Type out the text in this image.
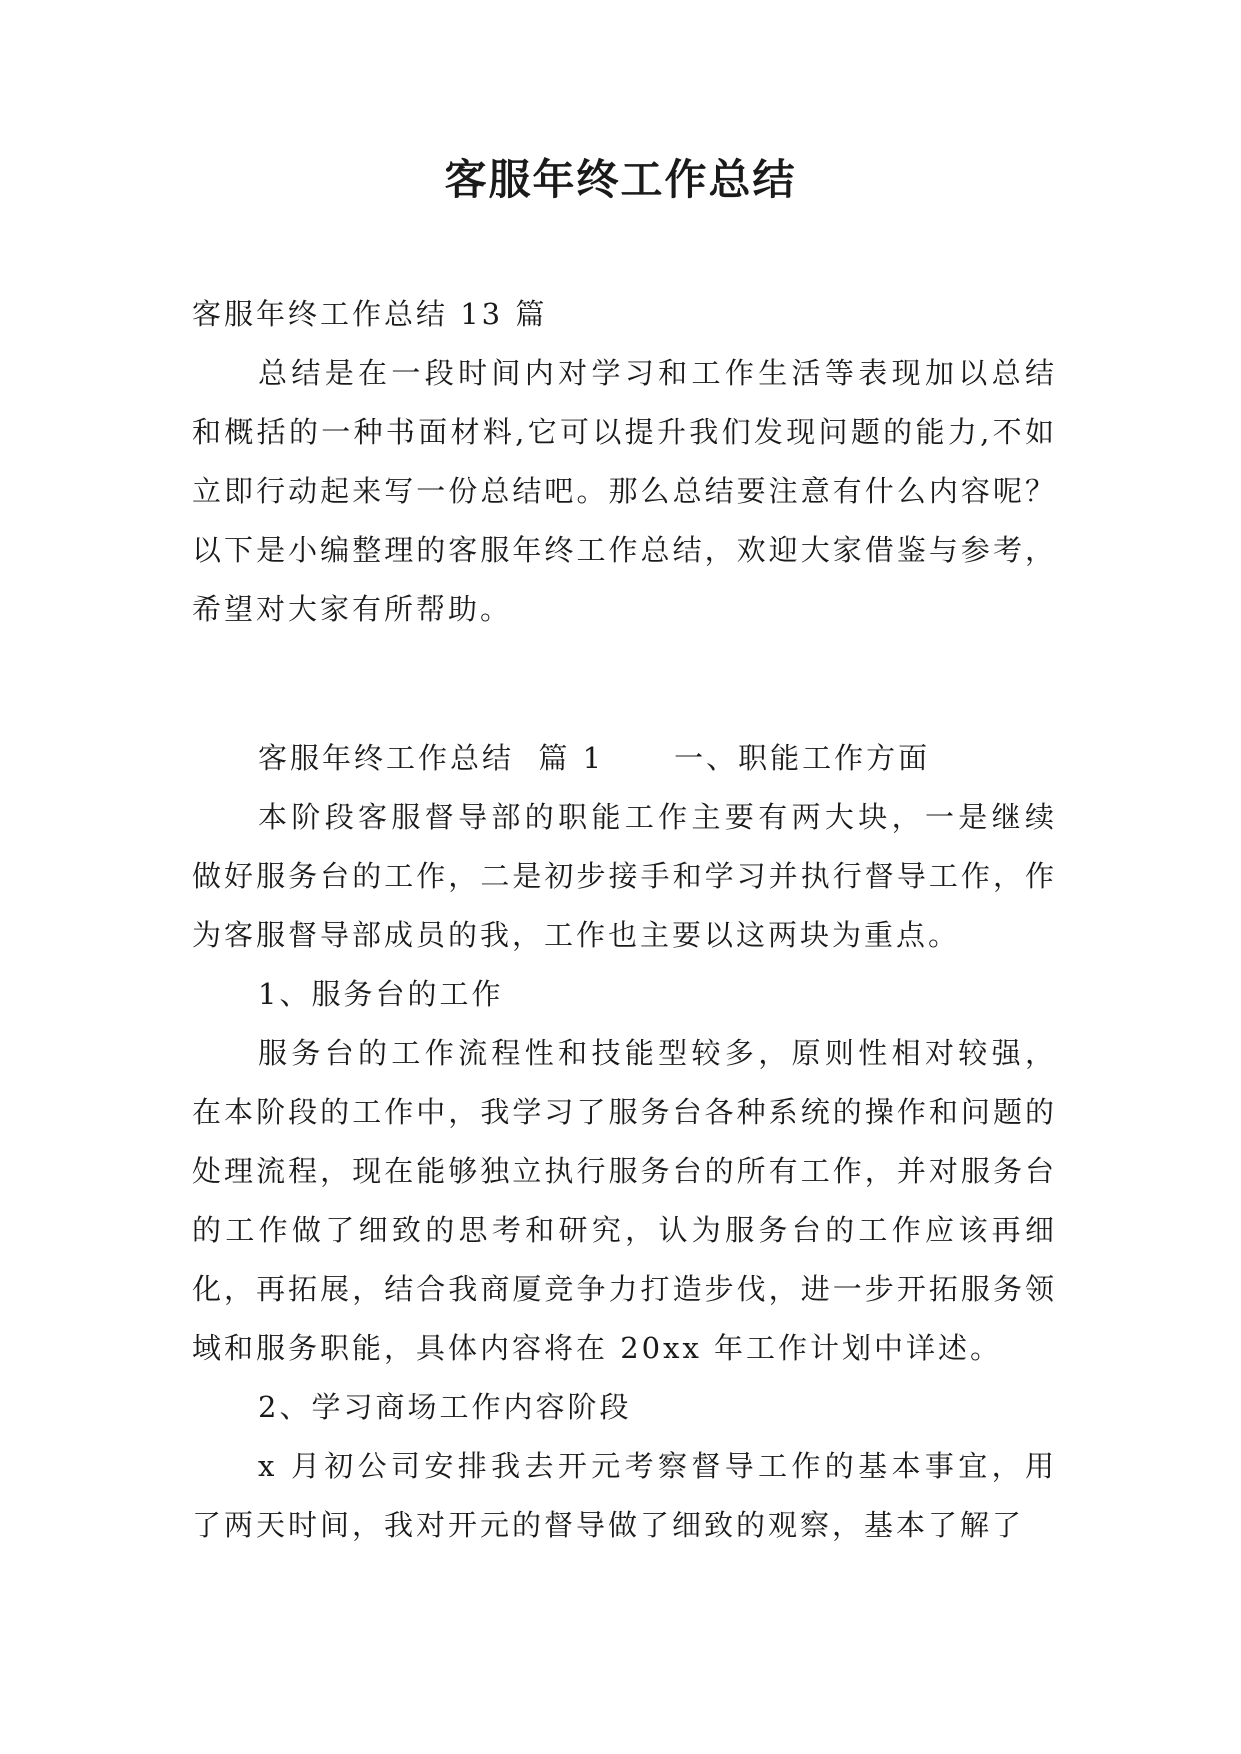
客服年终工作总结

客服年终工作总结 13 篇

总结是在一段时间内对学习和工作生活等表现加以总结和概括的一种书面材料,它可以提升我们发现问题的能力,不如立即行动起来写一份总结吧。那么总结要注意有什么内容呢？以下是小编整理的客服年终工作总结，欢迎大家借鉴与参考，希望对大家有所帮助。

客服年终工作总结  篇 1 一、职能工作方面

本阶段客服督导部的职能工作主要有两大块，一是继续做好服务台的工作，二是初步接手和学习并执行督导工作，作为客服督导部成员的我，工作也主要以这两块为重点。

1、服务台的工作

服务台的工作流程性和技能型较多，原则性相对较强，在本阶段的工作中，我学习了服务台各种系统的操作和问题的处理流程，现在能够独立执行服务台的所有工作，并对服务台的工作做了细致的思考和研究，认为服务台的工作应该再细化，再拓展，结合我商厦竞争力打造步伐，进一步开拓服务领域和服务职能，具体内容将在 20xx 年工作计划中详述。

2、学习商场工作内容阶段

x 月初公司安排我去开元考察督导工作的基本事宜，用了两天时间，我对开元的督导做了细致的观察，基本了解了
